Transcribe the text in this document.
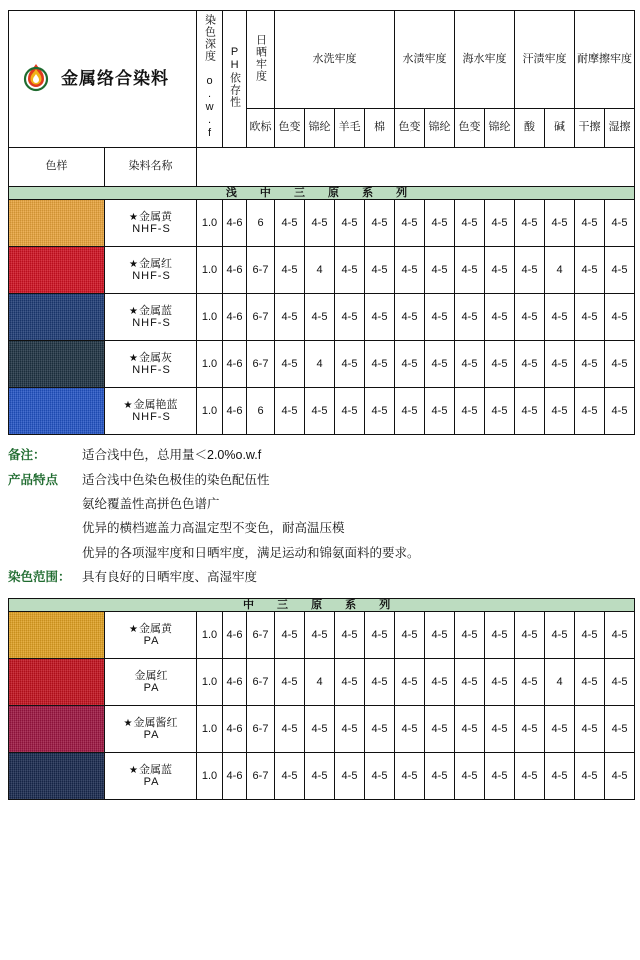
金属络合染料		染色深度 o.w.f	PH依存性	日晒牢度	水洗牢度				水渍牢度		海水牢度		汗渍牢度		耐摩擦牢度	
				欧标	色变	锦纶	羊毛	棉	色变	锦纶	色变	锦纶	酸	碱	干擦	湿擦

色样	染料名称														
浅 中 三 原 系 列																

	★金属黄
NHF-S	1.0	4-6	6	4-5	4-5	4-5	4-5	4-5	4-5	4-5	4-5	4-5	4-5	4-5	4-5

	★金属红
NHF-S	1.0	4-6	6-7	4-5	4	4-5	4-5	4-5	4-5	4-5	4-5	4-5	4	4-5	4-5

	★金属蓝
NHF-S	1.0	4-6	6-7	4-5	4-5	4-5	4-5	4-5	4-5	4-5	4-5	4-5	4-5	4-5	4-5

	★金属灰
NHF-S	1.0	4-6	6-7	4-5	4	4-5	4-5	4-5	4-5	4-5	4-5	4-5	4-5	4-5	4-5

	★金属艳蓝
NHF-S	1.0	4-6	6	4-5	4-5	4-5	4-5	4-5	4-5	4-5	4-5	4-5	4-5	4-5	4-5
备注：	适合浅中色，总用量＜2.0%o.w.f
产品特点	适合浅中色染色极佳的染色配伍性
氨纶覆盖性高拼色色谱广
优异的横档遮盖力高温定型不变色，耐高温压模
优异的各项湿牢度和日晒牢度，满足运动和锦氨面料的要求。
染色范围： 具有良好的日晒牢度、高湿牢度
中 三 原 系 列																

	★金属黄
PA	1.0	4-6	6-7	4-5	4-5	4-5	4-5	4-5	4-5	4-5	4-5	4-5	4-5	4-5	4-5

	金属红
PA	1.0	4-6	6-7	4-5	4	4-5	4-5	4-5	4-5	4-5	4-5	4-5	4	4-5	4-5

	★金属酱红
PA	1.0	4-6	6-7	4-5	4-5	4-5	4-5	4-5	4-5	4-5	4-5	4-5	4-5	4-5	4-5

	★金属蓝
PA	1.0	4-6	6-7	4-5	4-5	4-5	4-5	4-5	4-5	4-5	4-5	4-5	4-5	4-5	4-5
